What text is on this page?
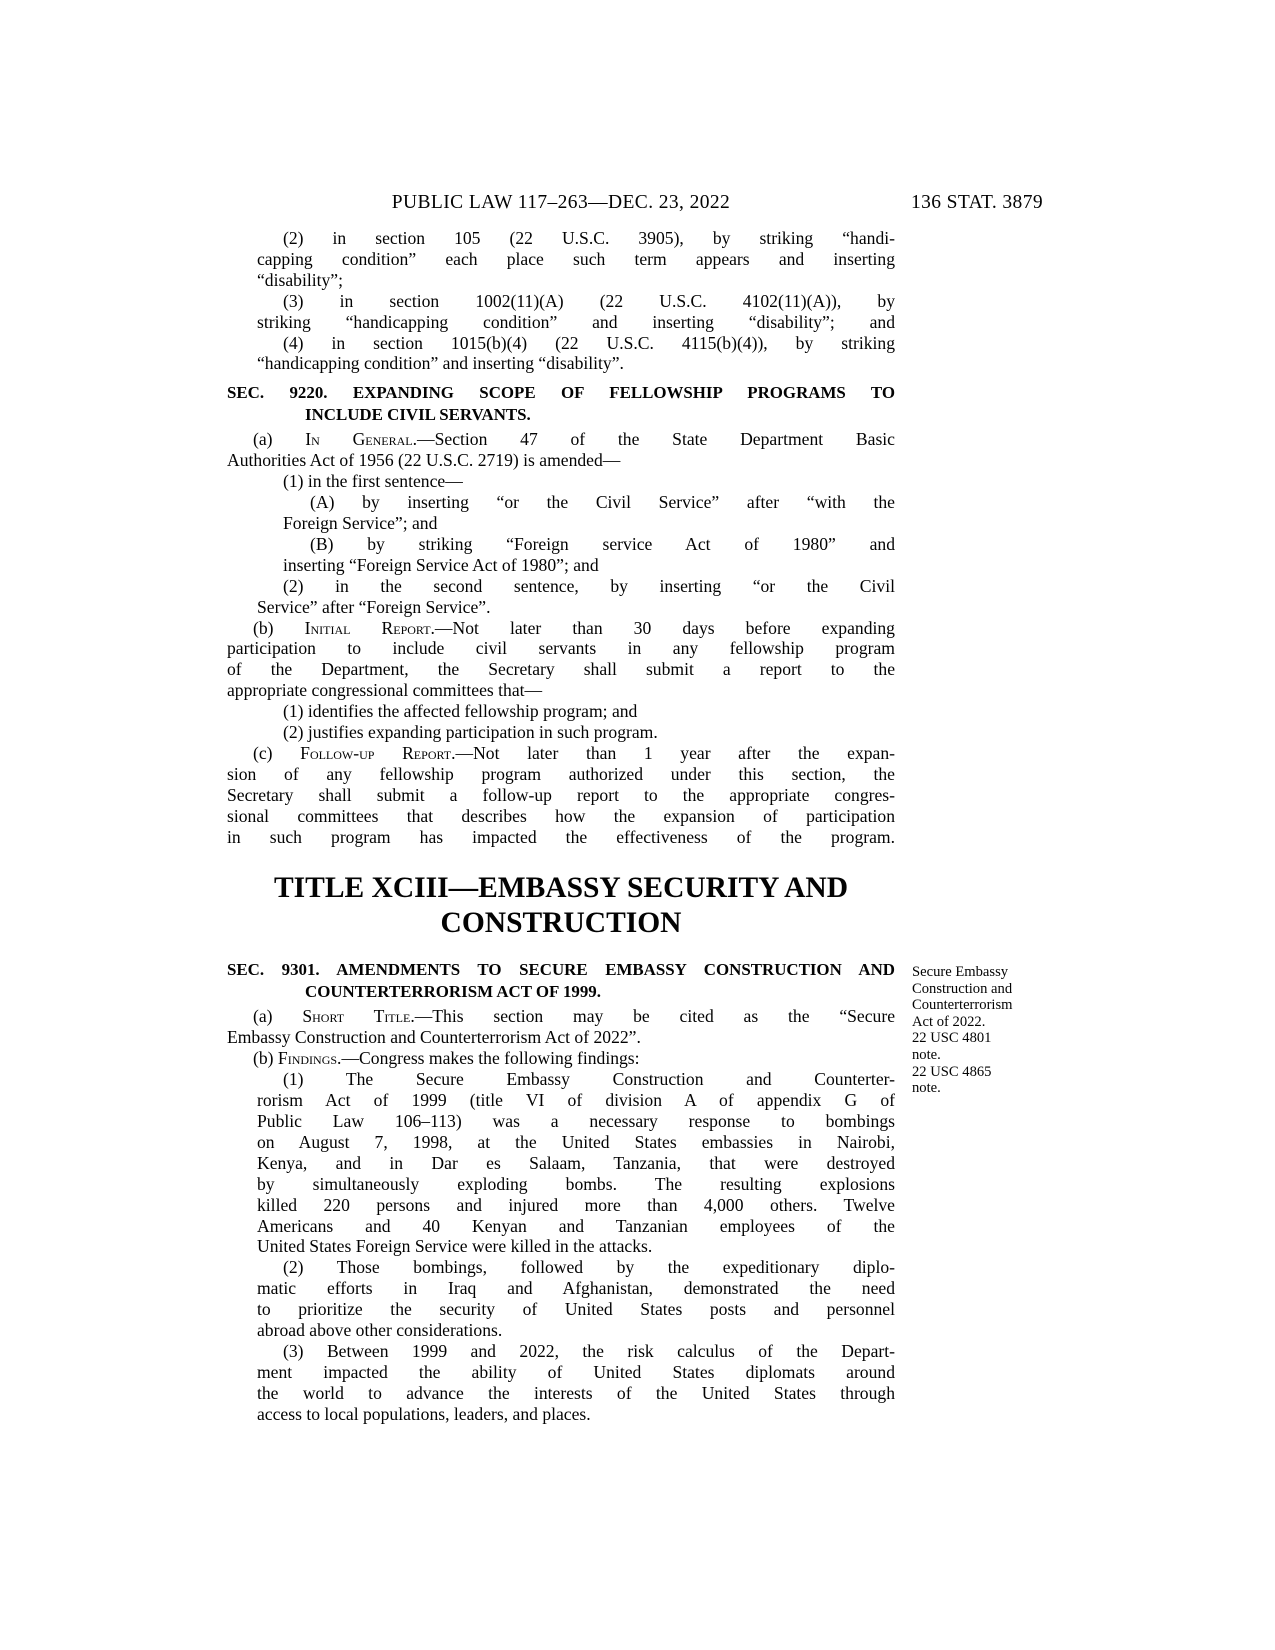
PUBLIC LAW 117–263—DEC. 23, 2022	136 STAT. 3879
(2) in section 105 (22 U.S.C. 3905), by striking “handi-
capping condition” each place such term appears and inserting
“disability”;
(3) in section 1002(11)(A) (22 U.S.C. 4102(11)(A)), by
striking “handicapping condition” and inserting “disability”; and
(4) in section 1015(b)(4) (22 U.S.C. 4115(b)(4)), by striking
“handicapping condition” and inserting “disability”.
SEC. 9220. EXPANDING SCOPE OF FELLOWSHIP PROGRAMS TO
INCLUDE CIVIL SERVANTS.
(a) In General.—Section 47 of the State Department Basic
Authorities Act of 1956 (22 U.S.C. 2719) is amended—
(1) in the first sentence—
(A) by inserting “or the Civil Service” after “with the
Foreign Service”; and
(B) by striking “Foreign service Act of 1980” and
inserting “Foreign Service Act of 1980”; and
(2) in the second sentence, by inserting “or the Civil
Service” after “Foreign Service”.
(b) Initial Report.—Not later than 30 days before expanding
participation to include civil servants in any fellowship program
of the Department, the Secretary shall submit a report to the
appropriate congressional committees that—
(1) identifies the affected fellowship program; and
(2) justifies expanding participation in such program.
(c) Follow-up Report.—Not later than 1 year after the expan-
sion of any fellowship program authorized under this section, the
Secretary shall submit a follow-up report to the appropriate congres-
sional committees that describes how the expansion of participation
in such program has impacted the effectiveness of the program.
TITLE XCIII—EMBASSY SECURITY AND
CONSTRUCTION
SEC. 9301. AMENDMENTS TO SECURE EMBASSY CONSTRUCTION AND
COUNTERTERRORISM ACT OF 1999.
(a) Short Title.—This section may be cited as the “Secure
Embassy Construction and Counterterrorism Act of 2022”.
(b) Findings.—Congress makes the following findings:
(1) The Secure Embassy Construction and Counterter-
rorism Act of 1999 (title VI of division A of appendix G of
Public Law 106–113) was a necessary response to bombings
on August 7, 1998, at the United States embassies in Nairobi,
Kenya, and in Dar es Salaam, Tanzania, that were destroyed
by simultaneously exploding bombs. The resulting explosions
killed 220 persons and injured more than 4,000 others. Twelve
Americans and 40 Kenyan and Tanzanian employees of the
United States Foreign Service were killed in the attacks.
(2) Those bombings, followed by the expeditionary diplo-
matic efforts in Iraq and Afghanistan, demonstrated the need
to prioritize the security of United States posts and personnel
abroad above other considerations.
(3) Between 1999 and 2022, the risk calculus of the Depart-
ment impacted the ability of United States diplomats around
the world to advance the interests of the United States through
access to local populations, leaders, and places.

Secure Embassy Construction and Counterterrorism Act of 2022.

22 USC 4801 note.

22 USC 4865 note.
